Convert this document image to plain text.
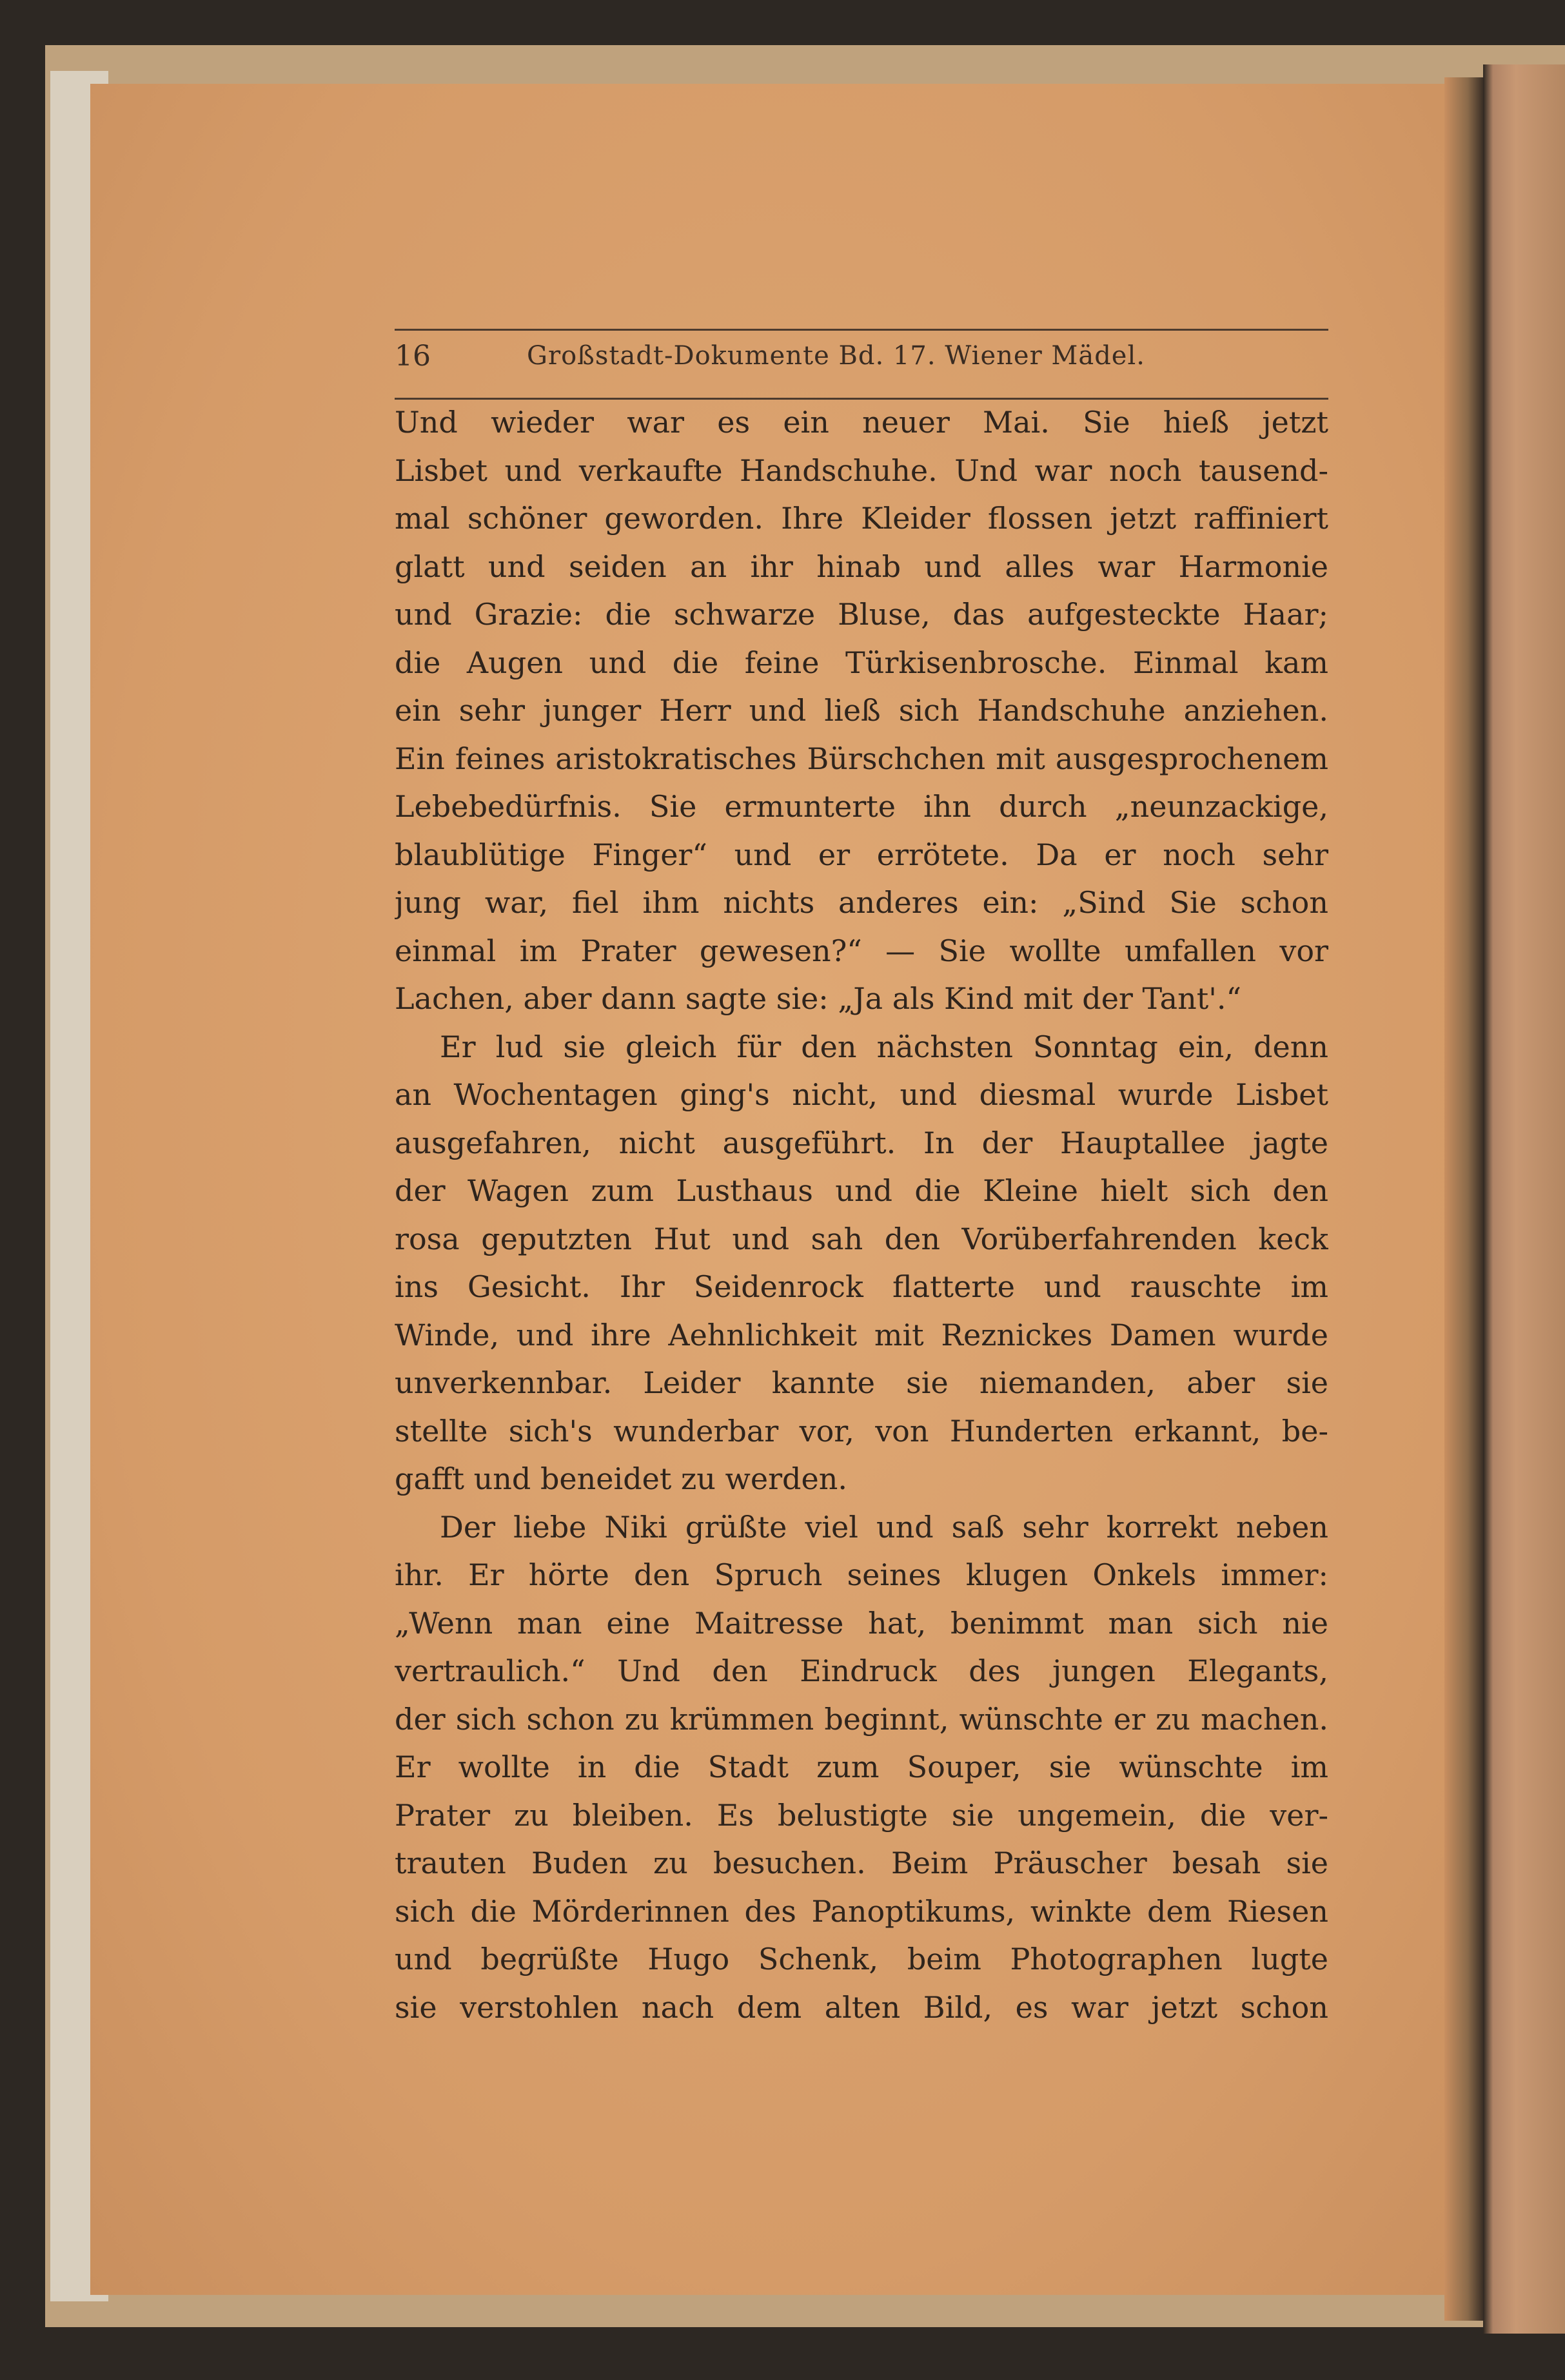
16	Großstadt-Dokumente Bd. 17. Wiener Mädel.
Und wieder war es ein neuer Mai. Sie hieß jetzt
Lisbet und verkaufte Handschuhe. Und war noch tausend-
mal schöner geworden. Ihre Kleider flossen jetzt raffiniert
glatt und seiden an ihr hinab und alles war Harmonie
und Grazie: die schwarze Bluse, das aufgesteckte Haar;
die Augen und die feine Türkisenbrosche. Einmal kam
ein sehr junger Herr und ließ sich Handschuhe anziehen.
Ein feines aristokratisches Bürschchen mit ausgesprochenem
Lebebedürfnis. Sie ermunterte ihn durch „neunzackige,
blaublütige Finger“ und er errötete. Da er noch sehr
jung war, fiel ihm nichts anderes ein: „Sind Sie schon
einmal im Prater gewesen?“ — Sie wollte umfallen vor
Lachen, aber dann sagte sie: „Ja als Kind mit der Tant'.“
Er lud sie gleich für den nächsten Sonntag ein, denn
an Wochentagen ging's nicht, und diesmal wurde Lisbet
ausgefahren, nicht ausgeführt. In der Hauptallee jagte
der Wagen zum Lusthaus und die Kleine hielt sich den
rosa geputzten Hut und sah den Vorüberfahrenden keck
ins Gesicht. Ihr Seidenrock flatterte und rauschte im
Winde, und ihre Aehnlichkeit mit Reznickes Damen wurde
unverkennbar. Leider kannte sie niemanden, aber sie
stellte sich's wunderbar vor, von Hunderten erkannt, be-
gafft und beneidet zu werden.
Der liebe Niki grüßte viel und saß sehr korrekt neben
ihr. Er hörte den Spruch seines klugen Onkels immer:
„Wenn man eine Maitresse hat, benimmt man sich nie
vertraulich.“ Und den Eindruck des jungen Elegants,
der sich schon zu krümmen beginnt, wünschte er zu machen.
Er wollte in die Stadt zum Souper, sie wünschte im
Prater zu bleiben. Es belustigte sie ungemein, die ver-
trauten Buden zu besuchen. Beim Präuscher besah sie
sich die Mörderinnen des Panoptikums, winkte dem Riesen
und begrüßte Hugo Schenk, beim Photographen lugte
sie verstohlen nach dem alten Bild, es war jetzt schon
